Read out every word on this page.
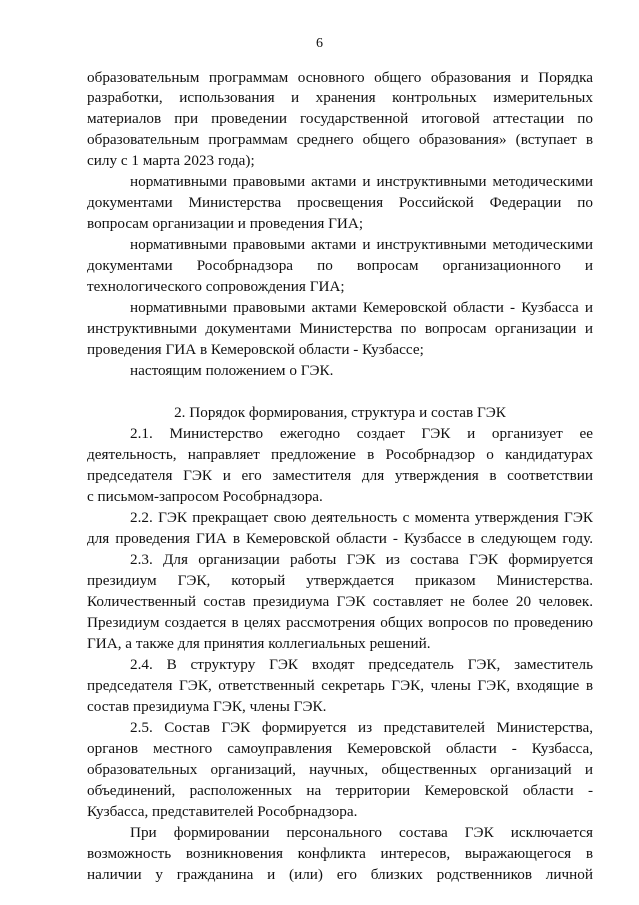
6
образовательным программам основного общего образования и Порядка
разработки, использования и хранения контрольных измерительных
материалов при проведении государственной итоговой аттестации по
образовательным программам среднего общего образования» (вступает в
силу с 1 марта 2023 года);
нормативными правовыми актами и инструктивными методическими
документами Министерства просвещения Российской Федерации по
вопросам организации и проведения ГИА;
нормативными правовыми актами и инструктивными методическими
документами Рособрнадзора по вопросам организационного и
технологического сопровождения ГИА;
нормативными правовыми актами Кемеровской области - Кузбасса и
инструктивными документами Министерства по вопросам организации и
проведения ГИА в Кемеровской области - Кузбассе;
настоящим положением о ГЭК.
2. Порядок формирования, структура и состав ГЭК
2.1. Министерство ежегодно создает ГЭК и организует ее
деятельность, направляет предложение в Рособрнадзор о кандидатурах
председателя ГЭК и его заместителя для утверждения в соответствии
с письмом-запросом Рособрнадзора.
2.2. ГЭК прекращает свою деятельность с момента утверждения ГЭК
для проведения ГИА в Кемеровской области - Кузбассе в следующем году.
2.3. Для организации работы ГЭК из состава ГЭК формируется
президиум ГЭК, который утверждается приказом Министерства.
Количественный состав президиума ГЭК составляет не более 20 человек.
Президиум создается в целях рассмотрения общих вопросов по проведению
ГИА, а также для принятия коллегиальных решений.
2.4. В структуру ГЭК входят председатель ГЭК, заместитель
председателя ГЭК, ответственный секретарь ГЭК, члены ГЭК, входящие в
состав президиума ГЭК, члены ГЭК.
2.5. Состав ГЭК формируется из представителей Министерства,
органов местного самоуправления Кемеровской области - Кузбасса,
образовательных организаций, научных, общественных организаций и
объединений, расположенных на территории Кемеровской области -
Кузбасса, представителей Рособрнадзора.
При формировании персонального состава ГЭК исключается
возможность возникновения конфликта интересов, выражающегося в
наличии у гражданина и (или) его близких родственников личной
